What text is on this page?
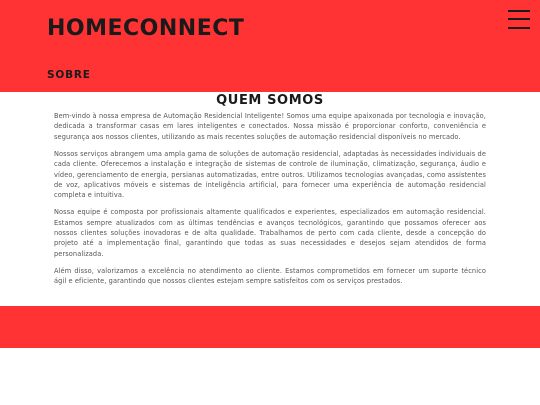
HOMECONNECT
SOBRE
QUEM SOMOS

Bem-vindo à nossa empresa de Automação Residencial Inteligente! Somos uma equipe apaixonada por tecnologia e inovação, dedicada a transformar casas em lares inteligentes e conectados. Nossa missão é proporcionar conforto, conveniência e segurança aos nossos clientes, utilizando as mais recentes soluções de automação residencial disponíveis no mercado.

Nossos serviços abrangem uma ampla gama de soluções de automação residencial, adaptadas às necessidades individuais de cada cliente. Oferecemos a instalação e integração de sistemas de controle de iluminação, climatização, segurança, áudio e vídeo, gerenciamento de energia, persianas automatizadas, entre outros. Utilizamos tecnologias avançadas, como assistentes de voz, aplicativos móveis e sistemas de inteligência artificial, para fornecer uma experiência de automação residencial completa e intuitiva.

Nossa equipe é composta por profissionais altamente qualificados e experientes, especializados em automação residencial. Estamos sempre atualizados com as últimas tendências e avanços tecnológicos, garantindo que possamos oferecer aos nossos clientes soluções inovadoras e de alta qualidade. Trabalhamos de perto com cada cliente, desde a concepção do projeto até a implementação final, garantindo que todas as suas necessidades e desejos sejam atendidos de forma personalizada.

Além disso, valorizamos a excelência no atendimento ao cliente. Estamos comprometidos em fornecer um suporte técnico ágil e eficiente, garantindo que nossos clientes estejam sempre satisfeitos com os serviços prestados.
